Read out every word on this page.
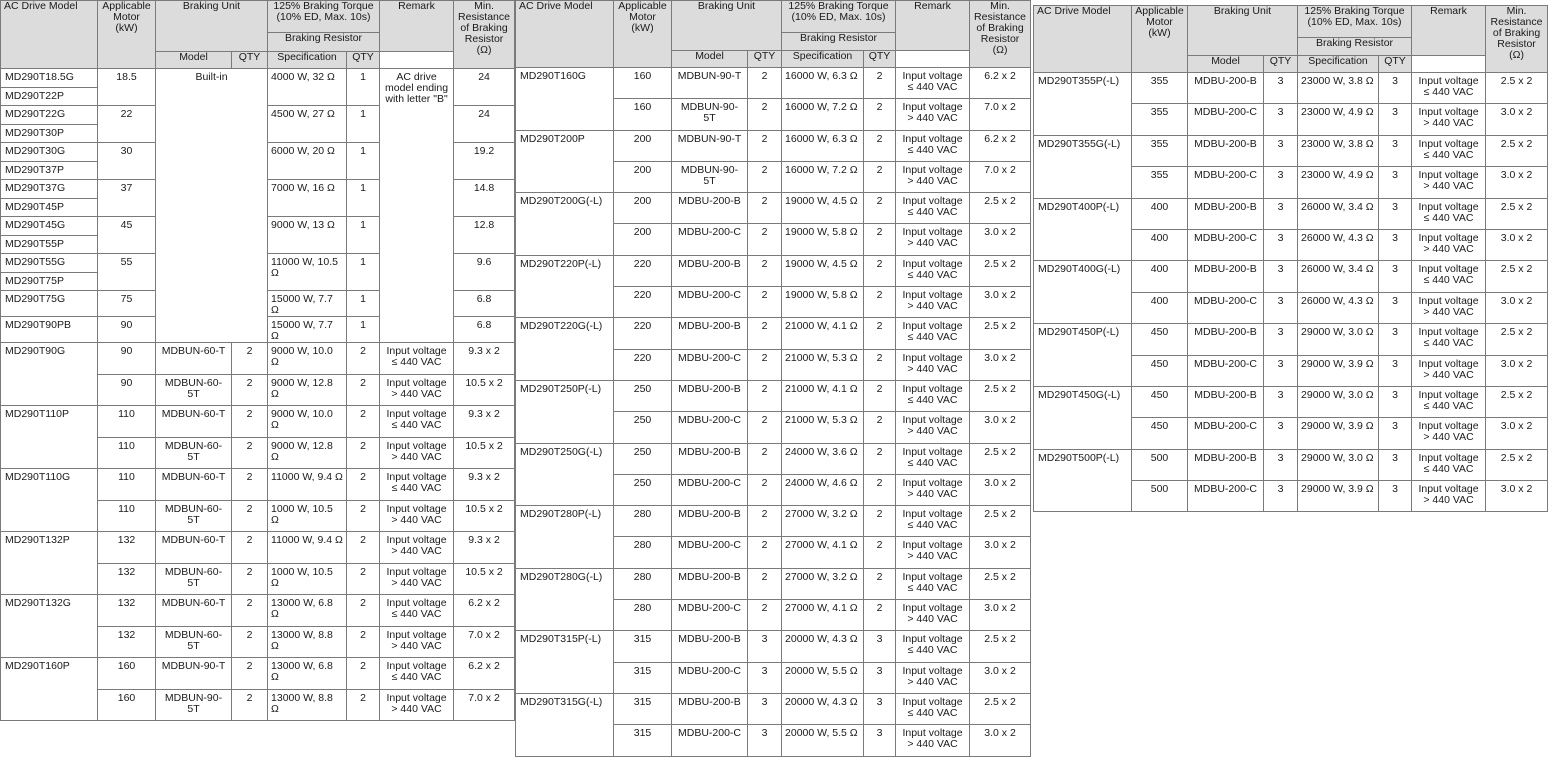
AC Drive Model	Applicable Motor (kW)	Braking Unit		125% Braking Torque (10% ED, Max. 10s)		Remark	Min. Resistance of Braking Resistor (Ω)
				Braking Resistor			
		Model	QTY	Specification	QTY		
MD290T18.5G	18.5	Built-in		4000 W, 32 Ω	1	AC drive model ending with letter "B"	24
MD290T22P							
MD290T22G	22			4500 W, 27 Ω	1		24
MD290T30P							
MD290T30G	30			6000 W, 20 Ω	1		19.2
MD290T37P							
MD290T37G	37			7000 W, 16 Ω	1		14.8
MD290T45P							
MD290T45G	45			9000 W, 13 Ω	1		12.8
MD290T55P							
MD290T55G	55			11000 W, 10.5 Ω	1		9.6
MD290T75P							
MD290T75G	75			15000 W, 7.7 Ω	1		6.8
MD290T90PB	90			15000 W, 7.7 Ω	1		6.8
MD290T90G	90	MDBUN-60-T	2	9000 W, 10.0 Ω	2	Input voltage ≤ 440 VAC	9.3 x 2
	90	MDBUN-60-5T	2	9000 W, 12.8 Ω	2	Input voltage > 440 VAC	10.5 x 2
MD290T110P	110	MDBUN-60-T	2	9000 W, 10.0 Ω	2	Input voltage ≤ 440 VAC	9.3 x 2
	110	MDBUN-60-5T	2	9000 W, 12.8 Ω	2	Input voltage > 440 VAC	10.5 x 2
MD290T110G	110	MDBUN-60-T	2	11000 W, 9.4 Ω	2	Input voltage ≤ 440 VAC	9.3 x 2
	110	MDBUN-60-5T	2	1000 W, 10.5 Ω	2	Input voltage > 440 VAC	10.5 x 2
MD290T132P	132	MDBUN-60-T	2	11000 W, 9.4 Ω	2	Input voltage > 440 VAC	9.3 x 2
	132	MDBUN-60-5T	2	1000 W, 10.5 Ω	2	Input voltage > 440 VAC	10.5 x 2
MD290T132G	132	MDBUN-60-T	2	13000 W, 6.8 Ω	2	Input voltage ≤ 440 VAC	6.2 x 2
	132	MDBUN-60-5T	2	13000 W, 8.8 Ω	2	Input voltage > 440 VAC	7.0 x 2
MD290T160P	160	MDBUN-90-T	2	13000 W, 6.8 Ω	2	Input voltage ≤ 440 VAC	6.2 x 2
	160	MDBUN-90-5T	2	13000 W, 8.8 Ω	2	Input voltage > 440 VAC	7.0 x 2
AC Drive Model	Applicable Motor (kW)	Braking Unit		125% Braking Torque (10% ED, Max. 10s)		Remark	Min. Resistance of Braking Resistor (Ω)
				Braking Resistor			
		Model	QTY	Specification	QTY		
MD290T160G	160	MDBUN-90-T	2	16000 W, 6.3 Ω	2	Input voltage ≤ 440 VAC	6.2 x 2
	160	MDBUN-90-5T	2	16000 W, 7.2 Ω	2	Input voltage > 440 VAC	7.0 x 2
MD290T200P	200	MDBUN-90-T	2	16000 W, 6.3 Ω	2	Input voltage ≤ 440 VAC	6.2 x 2
	200	MDBUN-90-5T	2	16000 W, 7.2 Ω	2	Input voltage > 440 VAC	7.0 x 2
MD290T200G(-L)	200	MDBU-200-B	2	19000 W, 4.5 Ω	2	Input voltage ≤ 440 VAC	2.5 x 2
	200	MDBU-200-C	2	19000 W, 5.8 Ω	2	Input voltage > 440 VAC	3.0 x 2
MD290T220P(-L)	220	MDBU-200-B	2	19000 W, 4.5 Ω	2	Input voltage ≤ 440 VAC	2.5 x 2
	220	MDBU-200-C	2	19000 W, 5.8 Ω	2	Input voltage > 440 VAC	3.0 x 2
MD290T220G(-L)	220	MDBU-200-B	2	21000 W, 4.1 Ω	2	Input voltage ≤ 440 VAC	2.5 x 2
	220	MDBU-200-C	2	21000 W, 5.3 Ω	2	Input voltage > 440 VAC	3.0 x 2
MD290T250P(-L)	250	MDBU-200-B	2	21000 W, 4.1 Ω	2	Input voltage ≤ 440 VAC	2.5 x 2
	250	MDBU-200-C	2	21000 W, 5.3 Ω	2	Input voltage > 440 VAC	3.0 x 2
MD290T250G(-L)	250	MDBU-200-B	2	24000 W, 3.6 Ω	2	Input voltage ≤ 440 VAC	2.5 x 2
	250	MDBU-200-C	2	24000 W, 4.6 Ω	2	Input voltage > 440 VAC	3.0 x 2
MD290T280P(-L)	280	MDBU-200-B	2	27000 W, 3.2 Ω	2	Input voltage ≤ 440 VAC	2.5 x 2
	280	MDBU-200-C	2	27000 W, 4.1 Ω	2	Input voltage > 440 VAC	3.0 x 2
MD290T280G(-L)	280	MDBU-200-B	2	27000 W, 3.2 Ω	2	Input voltage ≤ 440 VAC	2.5 x 2
	280	MDBU-200-C	2	27000 W, 4.1 Ω	2	Input voltage > 440 VAC	3.0 x 2
MD290T315P(-L)	315	MDBU-200-B	3	20000 W, 4.3 Ω	3	Input voltage ≤ 440 VAC	2.5 x 2
	315	MDBU-200-C	3	20000 W, 5.5 Ω	3	Input voltage > 440 VAC	3.0 x 2
MD290T315G(-L)	315	MDBU-200-B	3	20000 W, 4.3 Ω	3	Input voltage ≤ 440 VAC	2.5 x 2
	315	MDBU-200-C	3	20000 W, 5.5 Ω	3	Input voltage > 440 VAC	3.0 x 2
AC Drive Model	Applicable Motor (kW)	Braking Unit		125% Braking Torque (10% ED, Max. 10s)		Remark	Min. Resistance of Braking Resistor (Ω)
				Braking Resistor			
		Model	QTY	Specification	QTY		
MD290T355P(-L)	355	MDBU-200-B	3	23000 W, 3.8 Ω	3	Input voltage ≤ 440 VAC	2.5 x 2
	355	MDBU-200-C	3	23000 W, 4.9 Ω	3	Input voltage > 440 VAC	3.0 x 2
MD290T355G(-L)	355	MDBU-200-B	3	23000 W, 3.8 Ω	3	Input voltage ≤ 440 VAC	2.5 x 2
	355	MDBU-200-C	3	23000 W, 4.9 Ω	3	Input voltage > 440 VAC	3.0 x 2
MD290T400P(-L)	400	MDBU-200-B	3	26000 W, 3.4 Ω	3	Input voltage ≤ 440 VAC	2.5 x 2
	400	MDBU-200-C	3	26000 W, 4.3 Ω	3	Input voltage > 440 VAC	3.0 x 2
MD290T400G(-L)	400	MDBU-200-B	3	26000 W, 3.4 Ω	3	Input voltage ≤ 440 VAC	2.5 x 2
	400	MDBU-200-C	3	26000 W, 4.3 Ω	3	Input voltage > 440 VAC	3.0 x 2
MD290T450P(-L)	450	MDBU-200-B	3	29000 W, 3.0 Ω	3	Input voltage ≤ 440 VAC	2.5 x 2
	450	MDBU-200-C	3	29000 W, 3.9 Ω	3	Input voltage > 440 VAC	3.0 x 2
MD290T450G(-L)	450	MDBU-200-B	3	29000 W, 3.0 Ω	3	Input voltage ≤ 440 VAC	2.5 x 2
	450	MDBU-200-C	3	29000 W, 3.9 Ω	3	Input voltage > 440 VAC	3.0 x 2
MD290T500P(-L)	500	MDBU-200-B	3	29000 W, 3.0 Ω	3	Input voltage ≤ 440 VAC	2.5 x 2
	500	MDBU-200-C	3	29000 W, 3.9 Ω	3	Input voltage > 440 VAC	3.0 x 2
